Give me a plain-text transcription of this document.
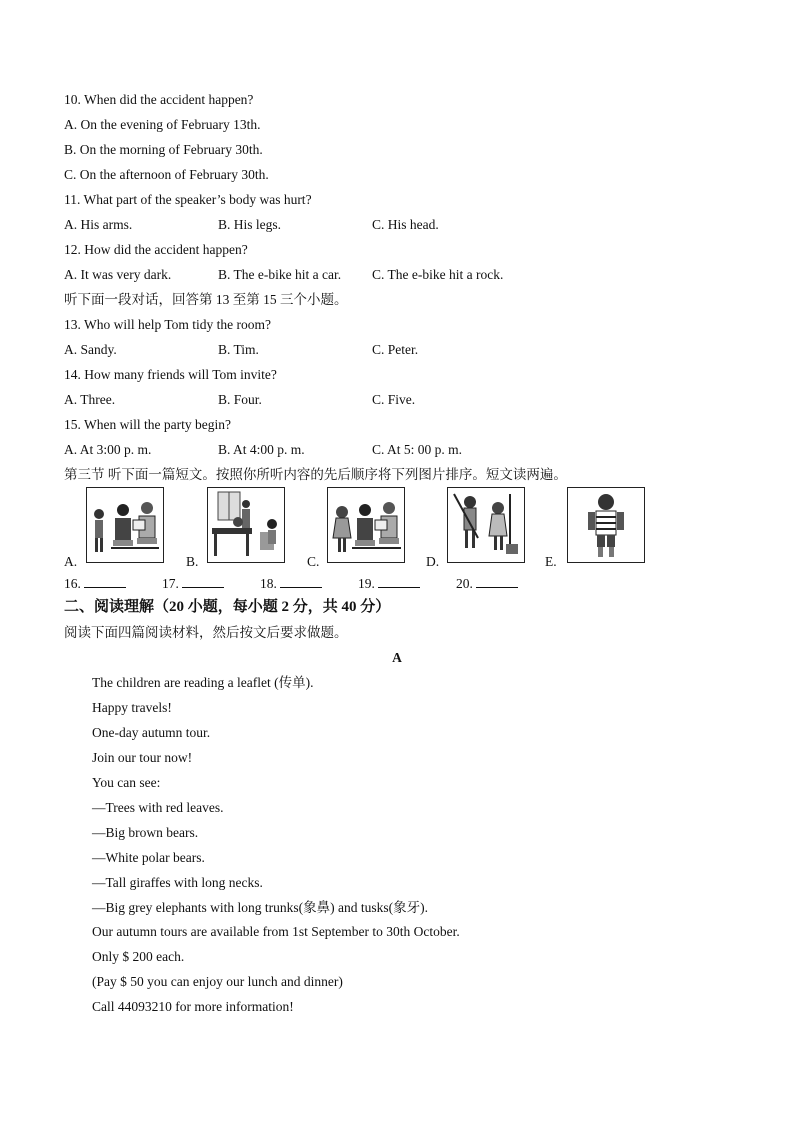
10. When did the accident happen?
A. On the evening of February 13th.
B. On the morning of February 30th.
C. On the afternoon of February 30th.
11. What part of the speaker’s body was hurt?
A. His arms.	B. His legs.	C. His head.
12. How did the accident happen?
A. It was very dark.	B. The e-bike hit a car. C. The e-bike hit a rock.
听下面一段对话，回答第 13 至第 15 三个小题。
13. Who will help Tom tidy the room?
A. Sandy.	B. Tim.	C. Peter.
14. How many friends will Tom invite?
A. Three.	B. Four.	C. Five.
15. When will the party begin?
A. At 3:00 p. m.	B. At 4:00 p. m.	C. At 5: 00 p. m.
第三节 听下面一篇短文。按照你所听内容的先后顺序将下列图片排序。短文读两遍。
A.	B.	C.	D.	E.
16.	17.	18.	19.	20.
二、阅读理解（20 小题，每小题 2 分，共 40 分）
阅读下面四篇阅读材料，然后按文后要求做题。
A
The children are reading a leaflet (传单).
Happy travels!
One-day autumn tour.
Join our tour now!
You can see:
—Trees with red leaves.
—Big brown bears.
—White polar bears.
—Tall giraffes with long necks.
—Big grey elephants with long trunks(象鼻) and tusks(象牙).
Our autumn tours are available from 1st September to 30th October.
Only $ 200 each.
(Pay $ 50 you can enjoy our lunch and dinner)
Call 44093210 for more information!
